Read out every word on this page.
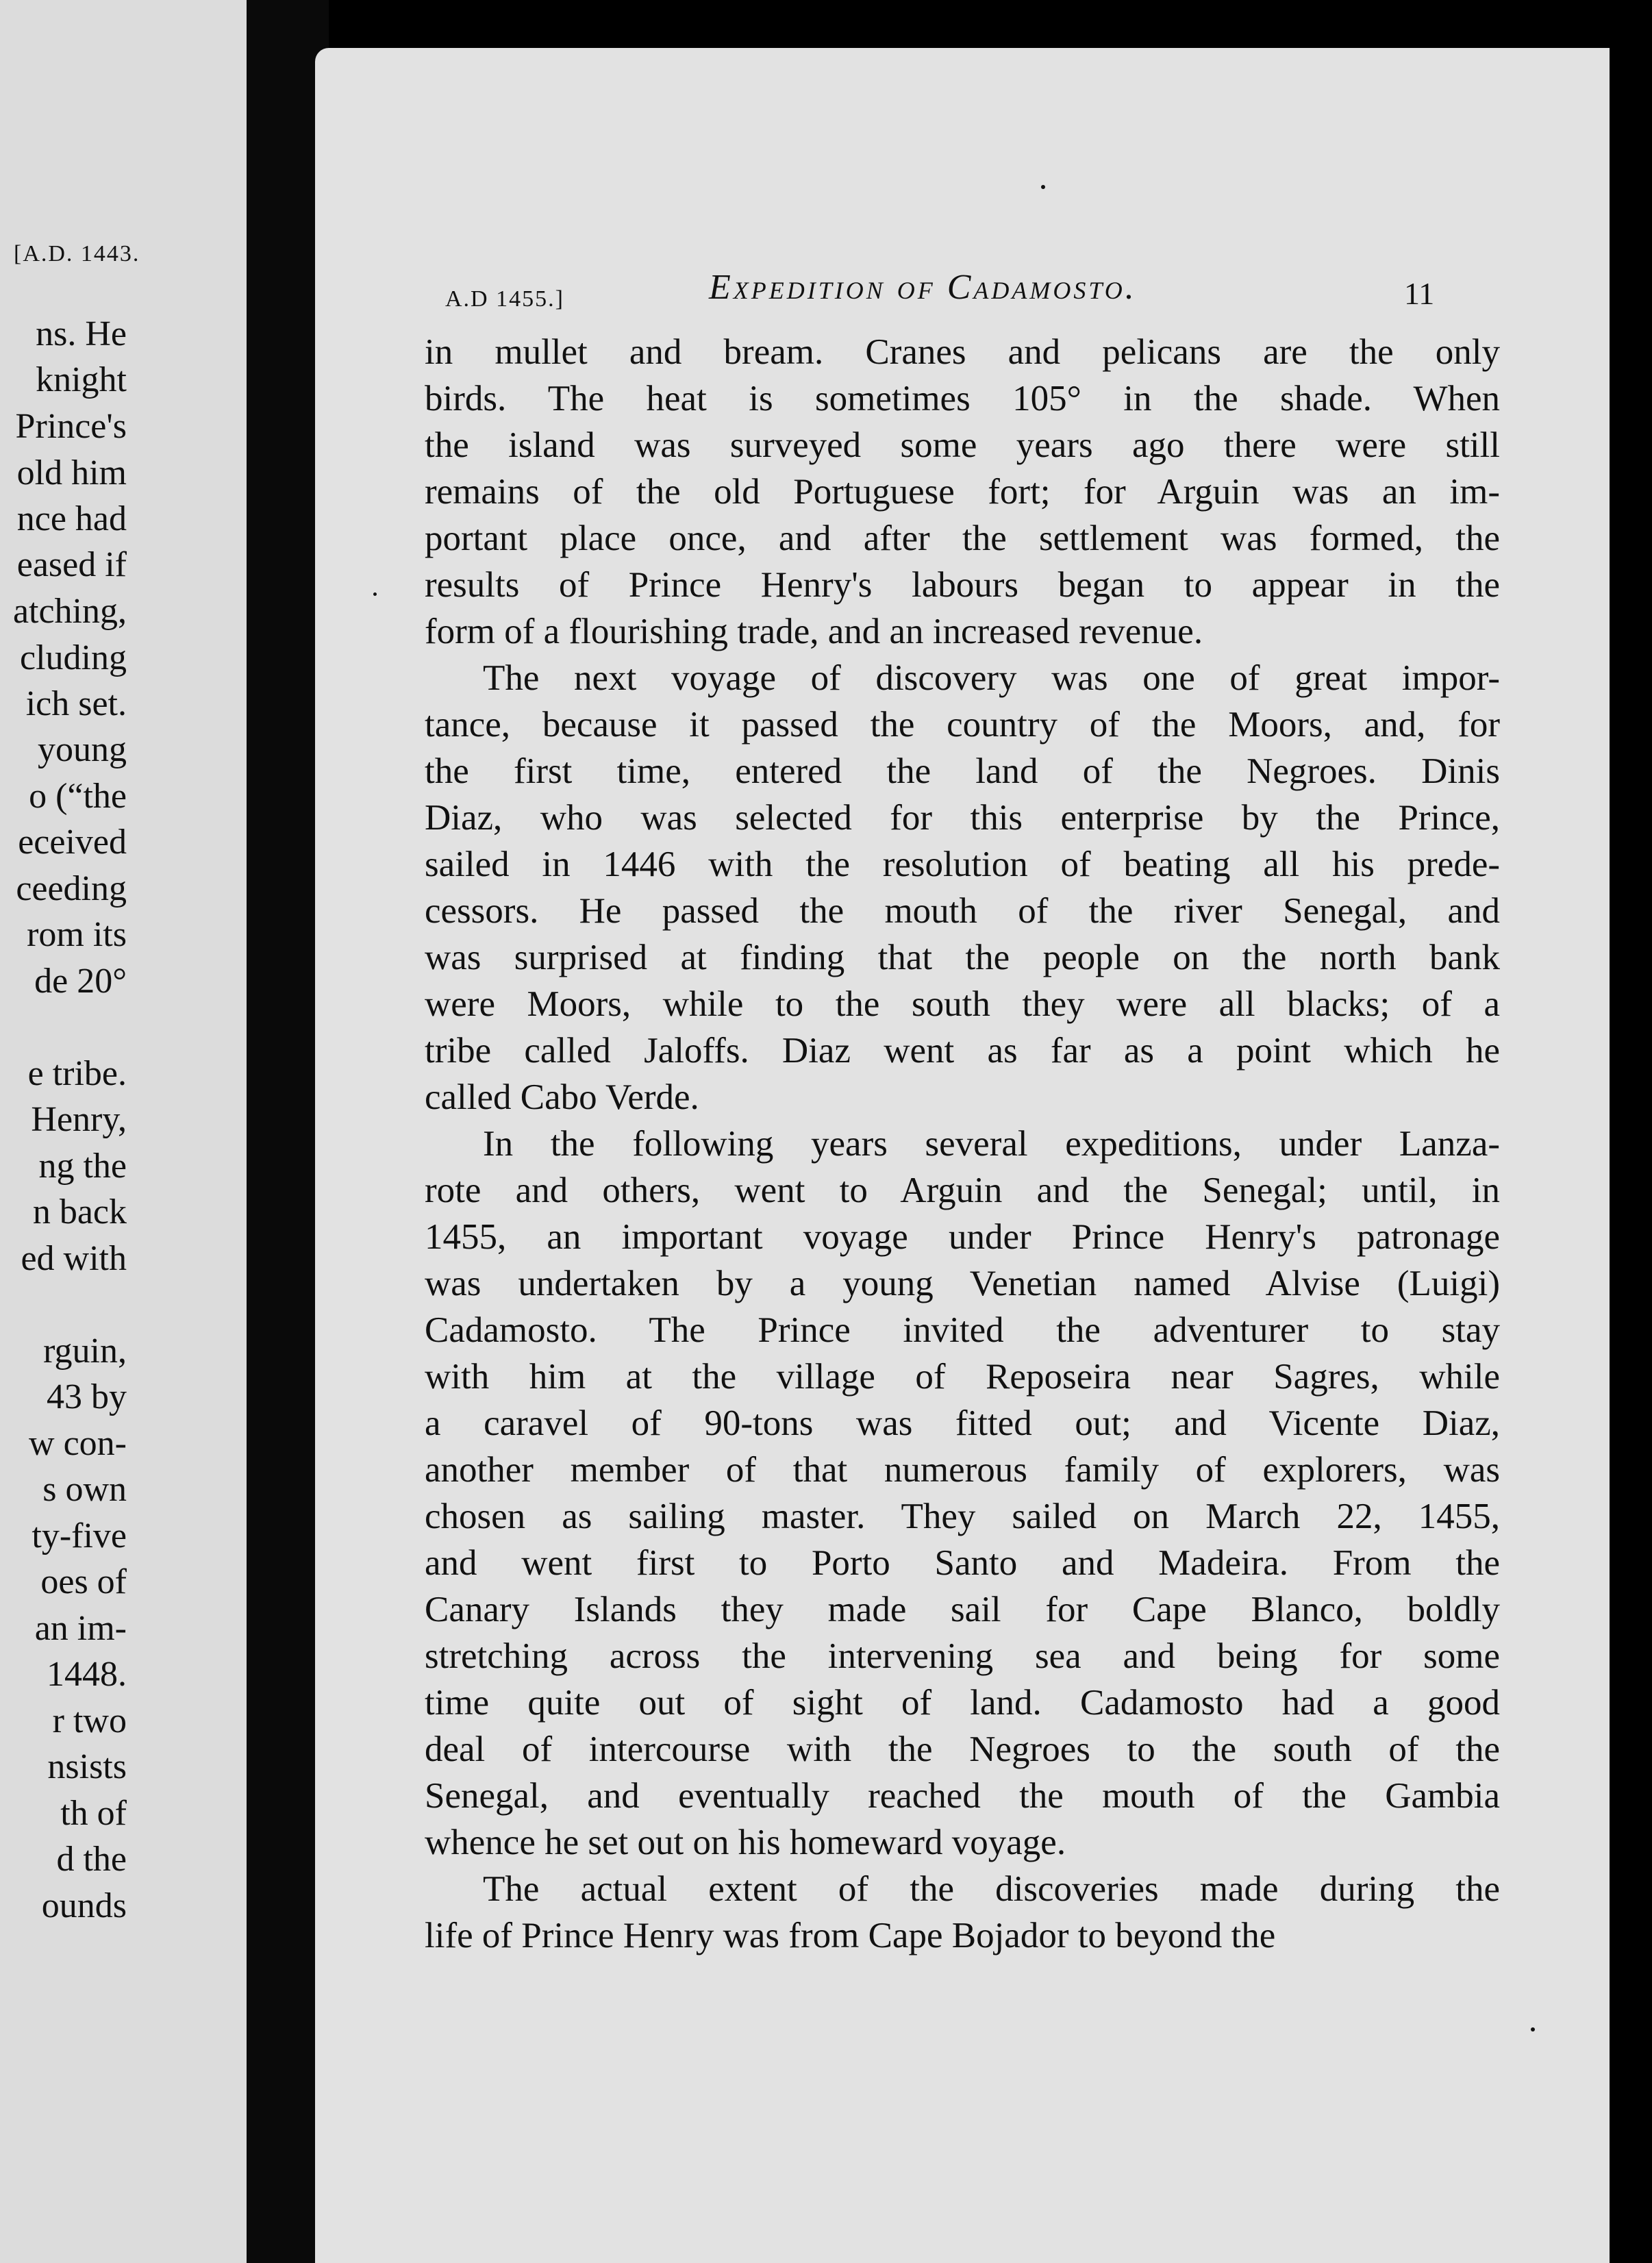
[A.D. 1443.
ns. He
knight
Prince's
old him
nce had
eased if
atching,
cluding
ich set.
young
o (“the
eceived
ceeding
rom its
de 20°
e tribe.
Henry,
ng the
n back
ed with
rguin,
43 by
w con-
s own
ty-five
oes of
an im-
1448.
r two
nsists
th of
d the
ounds
A.D 1455.]	Expedition of Cadamosto.	11
in mullet and bream. Cranes and pelicans are the only
birds. The heat is sometimes 105° in the shade. When
the island was surveyed some years ago there were still
remains of the old Portuguese fort; for Arguin was an im-
portant place once, and after the settlement was formed, the
results of Prince Henry's labours began to appear in the
form of a flourishing trade, and an increased revenue.
The next voyage of discovery was one of great impor-
tance, because it passed the country of the Moors, and, for
the first time, entered the land of the Negroes. Dinis
Diaz, who was selected for this enterprise by the Prince,
sailed in 1446 with the resolution of beating all his prede-
cessors. He passed the mouth of the river Senegal, and
was surprised at finding that the people on the north bank
were Moors, while to the south they were all blacks; of a
tribe called Jaloffs. Diaz went as far as a point which he
called Cabo Verde.
In the following years several expeditions, under Lanza-
rote and others, went to Arguin and the Senegal; until, in
1455, an important voyage under Prince Henry's patronage
was undertaken by a young Venetian named Alvise (Luigi)
Cadamosto. The Prince invited the adventurer to stay
with him at the village of Reposeira near Sagres, while
a caravel of 90-tons was fitted out; and Vicente Diaz,
another member of that numerous family of explorers, was
chosen as sailing master. They sailed on March 22, 1455,
and went first to Porto Santo and Madeira. From the
Canary Islands they made sail for Cape Blanco, boldly
stretching across the intervening sea and being for some
time quite out of sight of land. Cadamosto had a good
deal of intercourse with the Negroes to the south of the
Senegal, and eventually reached the mouth of the Gambia
whence he set out on his homeward voyage.
The actual extent of the discoveries made during the
life of Prince Henry was from Cape Bojador to beyond the
